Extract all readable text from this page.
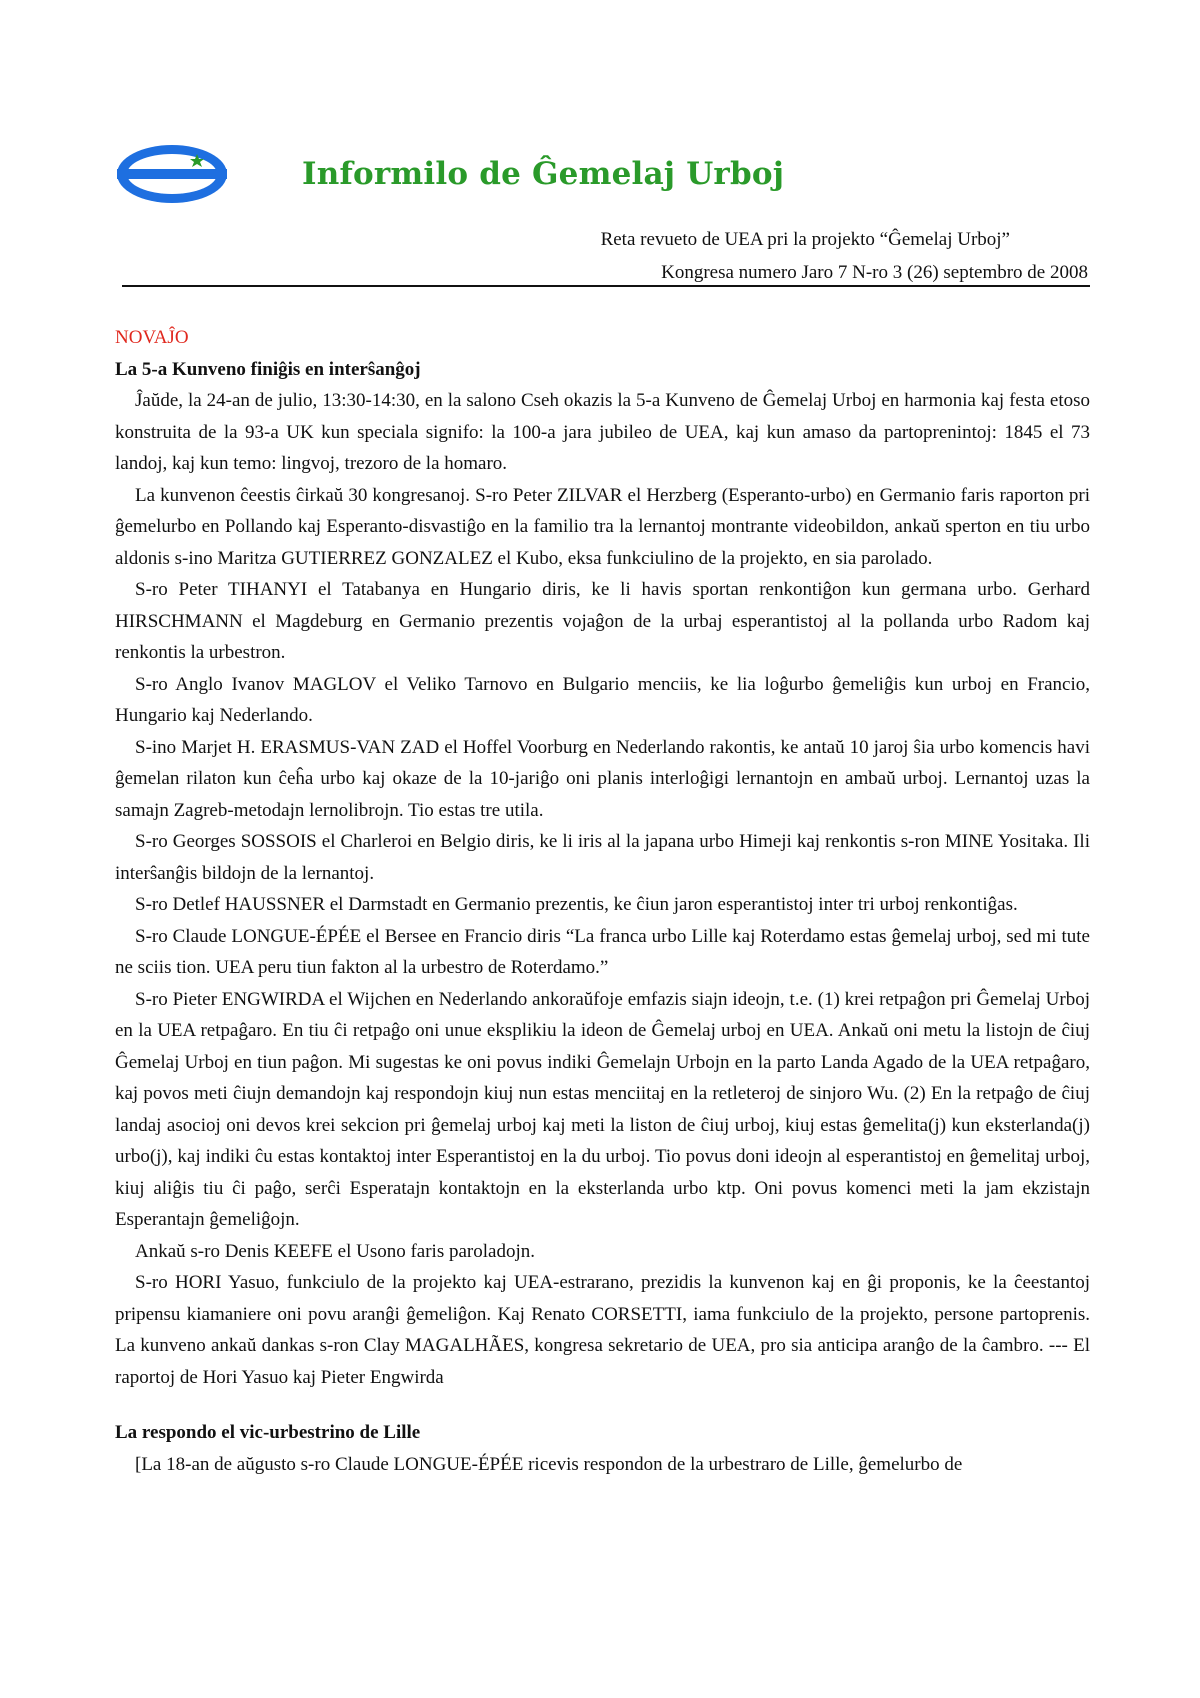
Informilo de Ĝemelaj Urboj
Reta revueto de UEA pri la projekto “Ĝemelaj Urboj”
Kongresa numero Jaro 7 N-ro 3 (26) septembro de 2008

NOVAĴO

La 5-a Kunveno finiĝis en interŝanĝoj

Ĵaŭde, la 24-an de julio, 13:30-14:30, en la salono Cseh okazis la 5-a Kunveno de Ĝemelaj Urboj en harmonia kaj festa etoso konstruita de la 93-a UK kun speciala signifo: la 100-a jara jubileo de UEA, kaj kun amaso da partoprenintoj: 1845 el 73 landoj, kaj kun temo: lingvoj, trezoro de la homaro.

La kunvenon ĉeestis ĉirkaŭ 30 kongresanoj. S-ro Peter ZILVAR el Herzberg (Esperanto-urbo) en Germanio faris raporton pri ĝemelurbo en Pollando kaj Esperanto-disvastiĝo en la familio tra la lernantoj montrante videobildon, ankaŭ sperton en tiu urbo aldonis s-ino Maritza GUTIERREZ GONZALEZ el Kubo, eksa funkciulino de la projekto, en sia parolado.

S-ro Peter TIHANYI el Tatabanya en Hungario diris, ke li havis sportan renkontiĝon kun germana urbo. Gerhard HIRSCHMANN el Magdeburg en Germanio prezentis vojaĝon de la urbaj esperantistoj al la pollanda urbo Radom kaj renkontis la urbestron.

S-ro Anglo Ivanov MAGLOV el Veliko Tarnovo en Bulgario menciis, ke lia loĝurbo ĝemeliĝis kun urboj en Francio, Hungario kaj Nederlando.

S-ino Marjet H. ERASMUS-VAN ZAD el Hoffel Voorburg en Nederlando rakontis, ke antaŭ 10 jaroj ŝia urbo komencis havi ĝemelan rilaton kun ĉeĥa urbo kaj okaze de la 10-jariĝo oni planis interloĝigi lernantojn en ambaŭ urboj. Lernantoj uzas la samajn Zagreb-metodajn lernolibrojn. Tio estas tre utila.

S-ro Georges SOSSOIS el Charleroi en Belgio diris, ke li iris al la japana urbo Himeji kaj renkontis s-ron MINE Yositaka. Ili interŝanĝis bildojn de la lernantoj.

S-ro Detlef HAUSSNER el Darmstadt en Germanio prezentis, ke ĉiun jaron esperantistoj inter tri urboj renkontiĝas.

S-ro Claude LONGUE-ÉPÉE el Bersee en Francio diris “La franca urbo Lille kaj Roterdamo estas ĝemelaj urboj, sed mi tute ne sciis tion. UEA peru tiun fakton al la urbestro de Roterdamo.”

S-ro Pieter ENGWIRDA el Wijchen en Nederlando ankoraŭfoje emfazis siajn ideojn, t.e. (1) krei retpaĝon pri Ĝemelaj Urboj en la UEA retpaĝaro. En tiu ĉi retpaĝo oni unue eksplikiu la ideon de Ĝemelaj urboj en UEA. Ankaŭ oni metu la listojn de ĉiuj Ĝemelaj Urboj en tiun paĝon. Mi sugestas ke oni povus indiki Ĝemelajn Urbojn en la parto Landa Agado de la UEA retpaĝaro, kaj povos meti ĉiujn demandojn kaj respondojn kiuj nun estas menciitaj en la retleteroj de sinjoro Wu. (2) En la retpaĝo de ĉiuj landaj asocioj oni devos krei sekcion pri ĝemelaj urboj kaj meti la liston de ĉiuj urboj, kiuj estas ĝemelita(j) kun eksterlanda(j) urbo(j), kaj indiki ĉu estas kontaktoj inter Esperantistoj en la du urboj. Tio povus doni ideojn al esperantistoj en ĝemelitaj urboj, kiuj aliĝis tiu ĉi paĝo, serĉi Esperatajn kontaktojn en la eksterlanda urbo ktp. Oni povus komenci meti la jam ekzistajn Esperantajn ĝemeliĝojn.

Ankaŭ s-ro Denis KEEFE el Usono faris paroladojn.

S-ro HORI Yasuo, funkciulo de la projekto kaj UEA-estrarano, prezidis la kunvenon kaj en ĝi proponis, ke la ĉeestantoj pripensu kiamaniere oni povu aranĝi ĝemeliĝon. Kaj Renato CORSETTI, iama funkciulo de la projekto, persone partoprenis. La kunveno ankaŭ dankas s-ron Clay MAGALHÃES, kongresa sekretario de UEA, pro sia anticipa aranĝo de la ĉambro. --- El raportoj de Hori Yasuo kaj Pieter Engwirda

La respondo el vic-urbestrino de Lille

[La 18-an de aŭgusto s-ro Claude LONGUE-ÉPÉE ricevis respondon de la urbestraro de Lille, ĝemelurbo de
